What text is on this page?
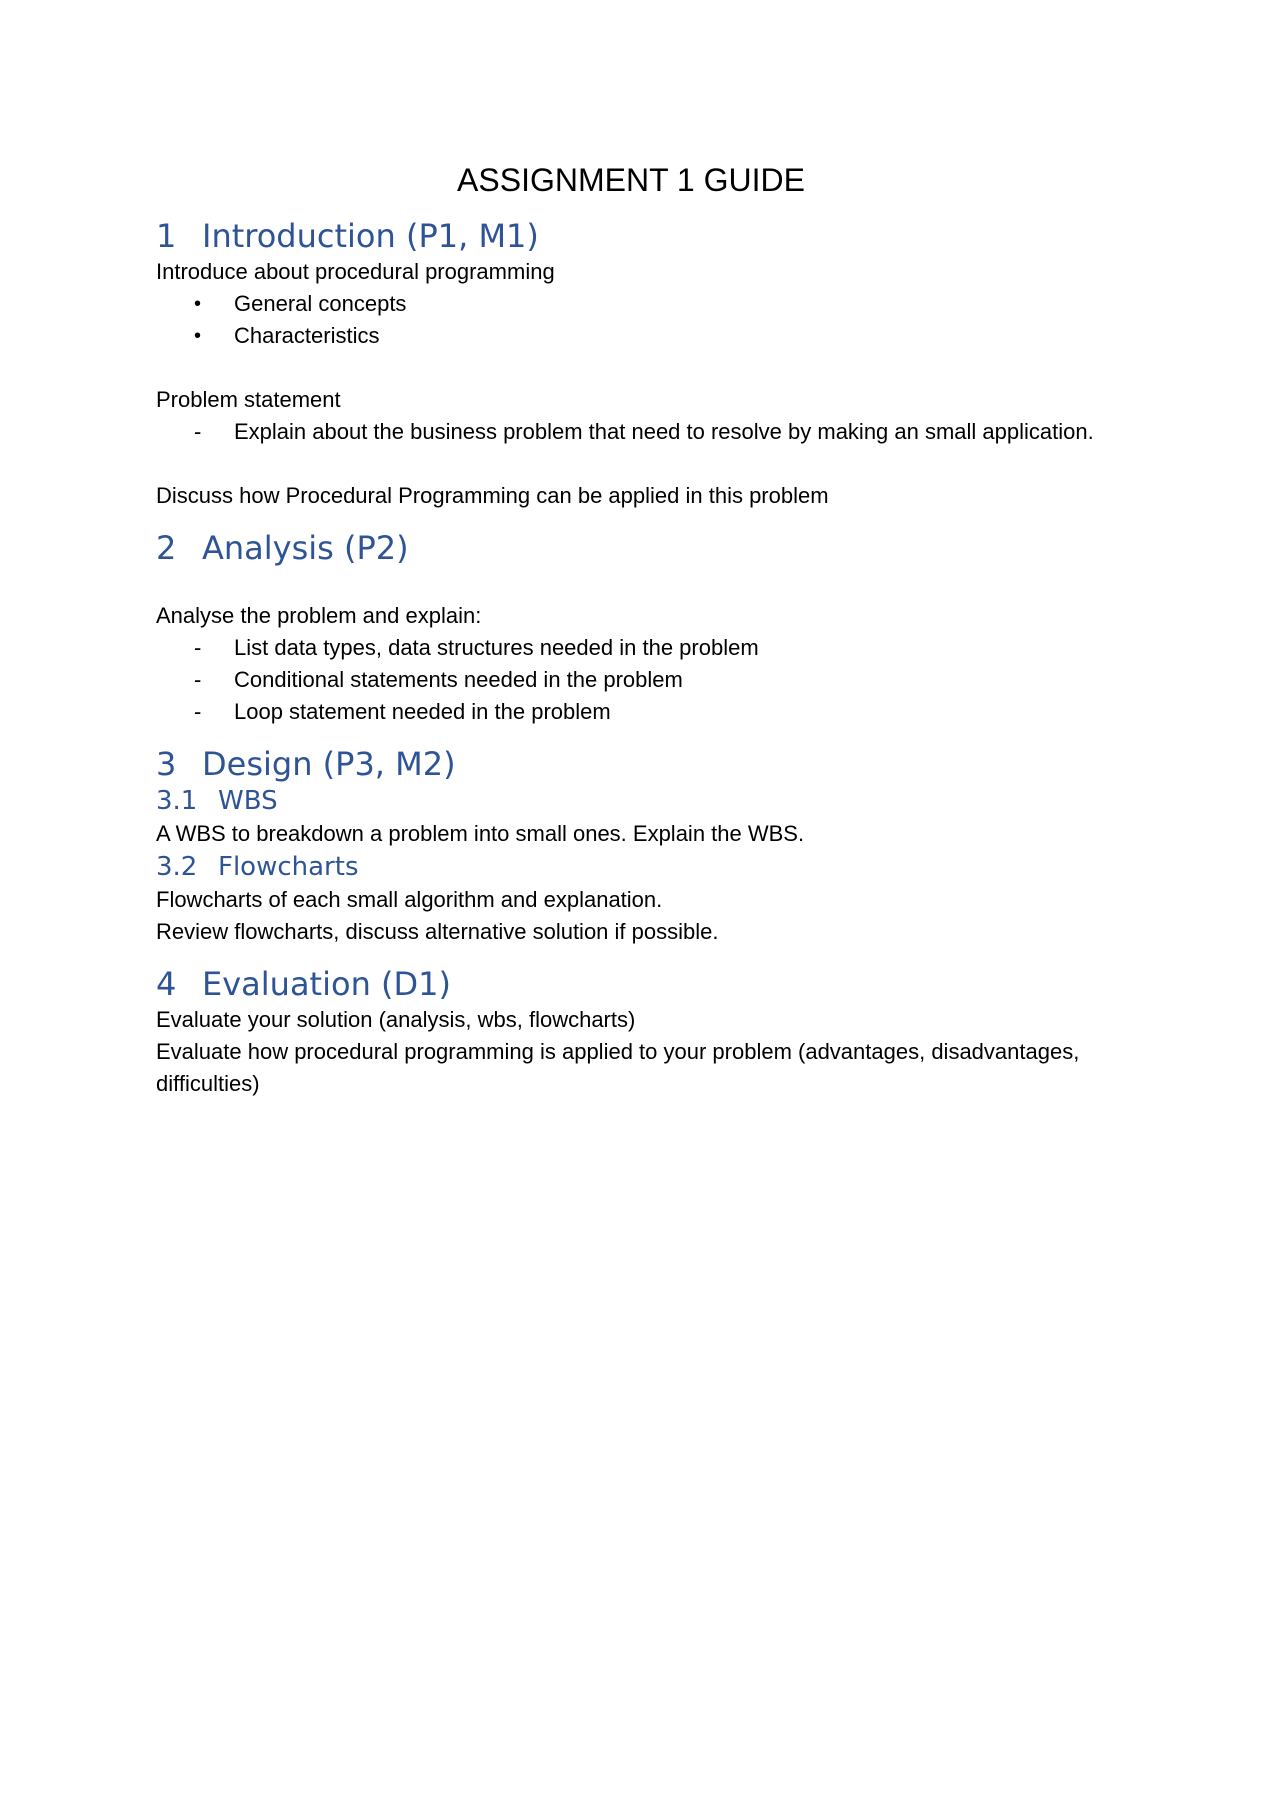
ASSIGNMENT 1 GUIDE
1 Introduction (P1, M1)

Introduce about procedural programming

•	General concepts
•	Characteristics

Problem statement

-	Explain about the business problem that need to resolve by making an small application.

Discuss how Procedural Programming can be applied in this problem

2 Analysis (P2)

Analyse the problem and explain:

-	List data types, data structures needed in the problem
-	Conditional statements needed in the problem
-	Loop statement needed in the problem
3 Design (P3, M2)
3.1 WBS

A WBS to breakdown a problem into small ones. Explain the WBS.

3.2 Flowcharts

Flowcharts of each small algorithm and explanation.

Review flowcharts, discuss alternative solution if possible.

4 Evaluation (D1)

Evaluate your solution (analysis, wbs, flowcharts)

Evaluate how procedural programming is applied to your problem (advantages, disadvantages, difficulties)
